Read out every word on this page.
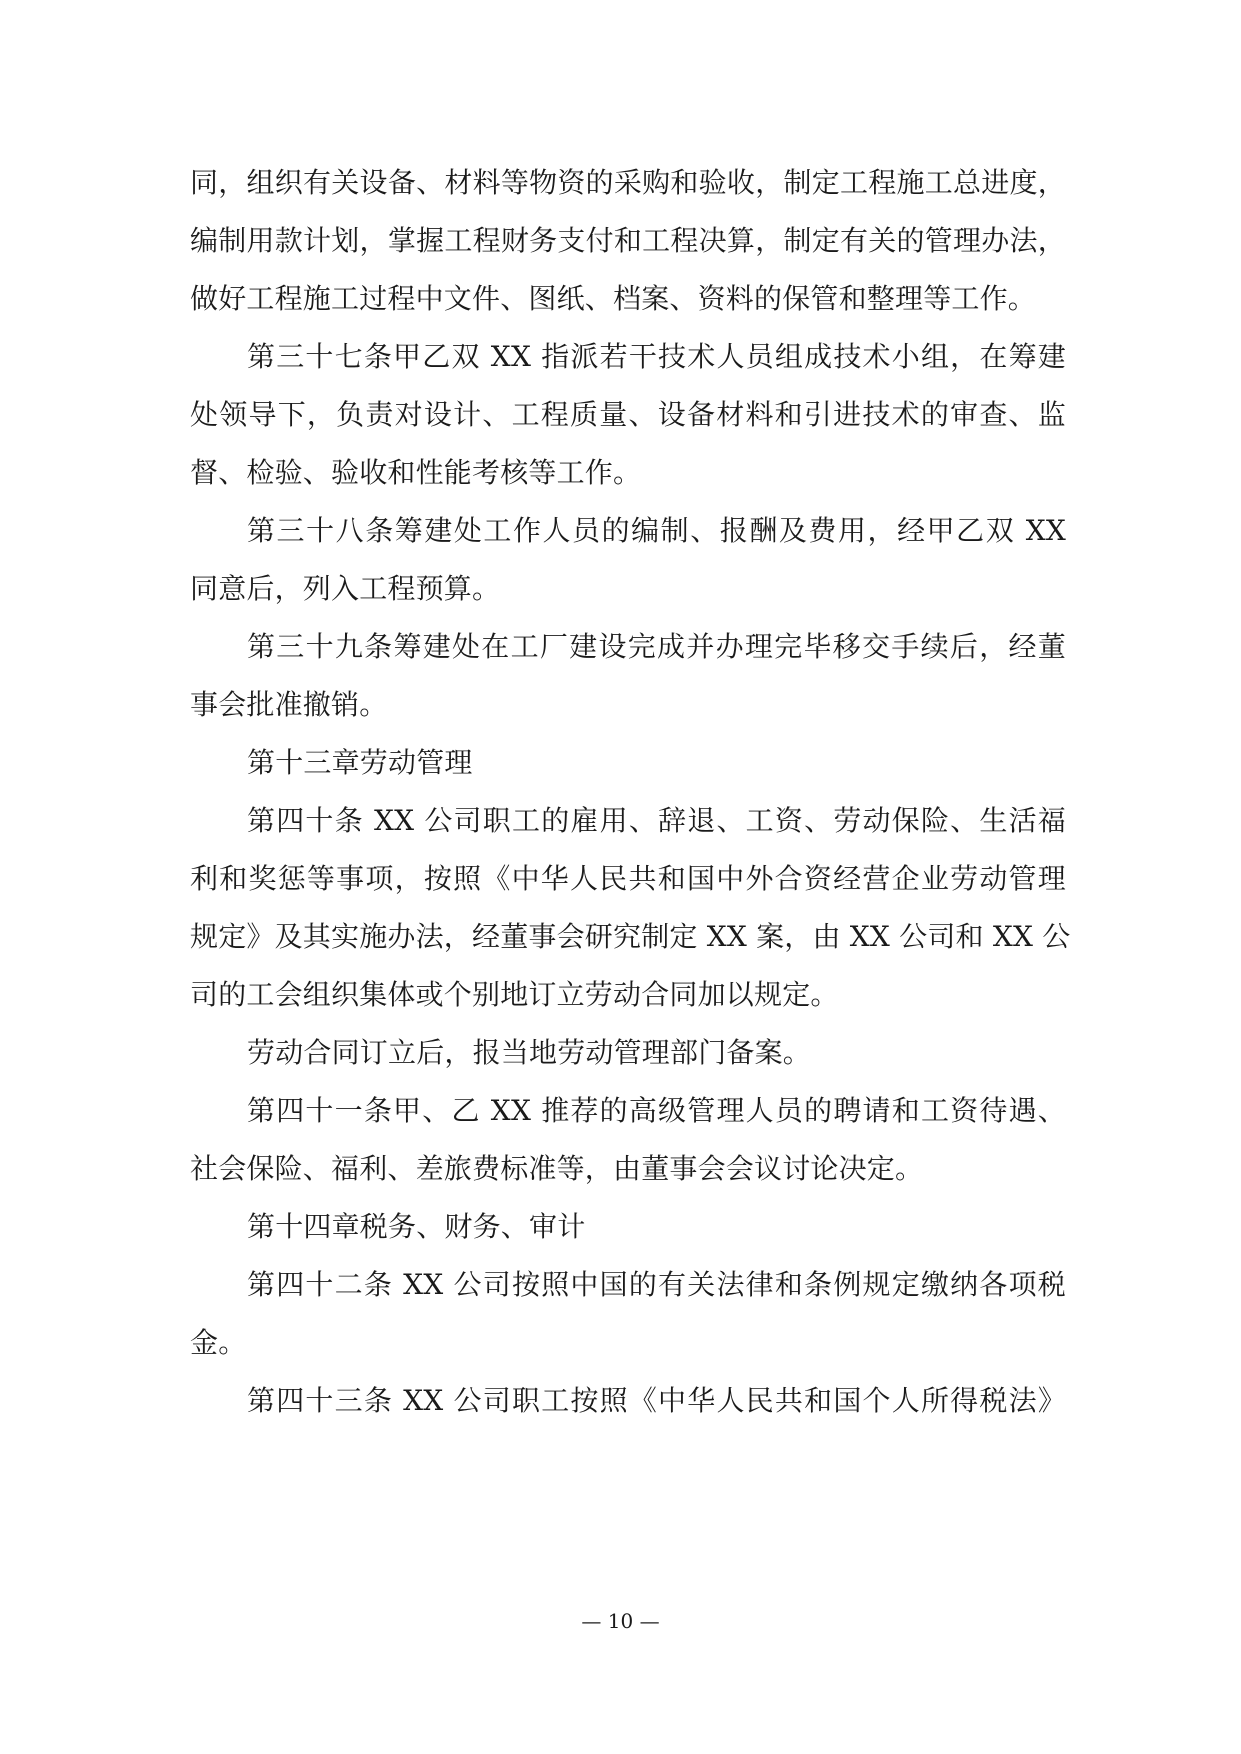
同，组织有关设备、材料等物资的采购和验收，制定工程施工总进度，
编制用款计划，掌握工程财务支付和工程决算，制定有关的管理办法，
做好工程施工过程中文件、图纸、档案、资料的保管和整理等工作。
第三十七条甲乙双 XX 指派若干技术人员组成技术小组，在筹建
处领导下，负责对设计、工程质量、设备材料和引进技术的审查、监
督、检验、验收和性能考核等工作。
第三十八条筹建处工作人员的编制、报酬及费用，经甲乙双 XX
同意后，列入工程预算。
第三十九条筹建处在工厂建设完成并办理完毕移交手续后，经董
事会批准撤销。
第十三章劳动管理
第四十条 XX 公司职工的雇用、辞退、工资、劳动保险、生活福
利和奖惩等事项，按照《中华人民共和国中外合资经营企业劳动管理
规定》及其实施办法，经董事会研究制定 XX 案，由 XX 公司和 XX 公
司的工会组织集体或个别地订立劳动合同加以规定。
劳动合同订立后，报当地劳动管理部门备案。
第四十一条甲、乙 XX 推荐的高级管理人员的聘请和工资待遇、
社会保险、福利、差旅费标准等，由董事会会议讨论决定。
第十四章税务、财务、审计
第四十二条 XX 公司按照中国的有关法律和条例规定缴纳各项税
金。
第四十三条 XX 公司职工按照《中华人民共和国个人所得税法》
— 10 —
